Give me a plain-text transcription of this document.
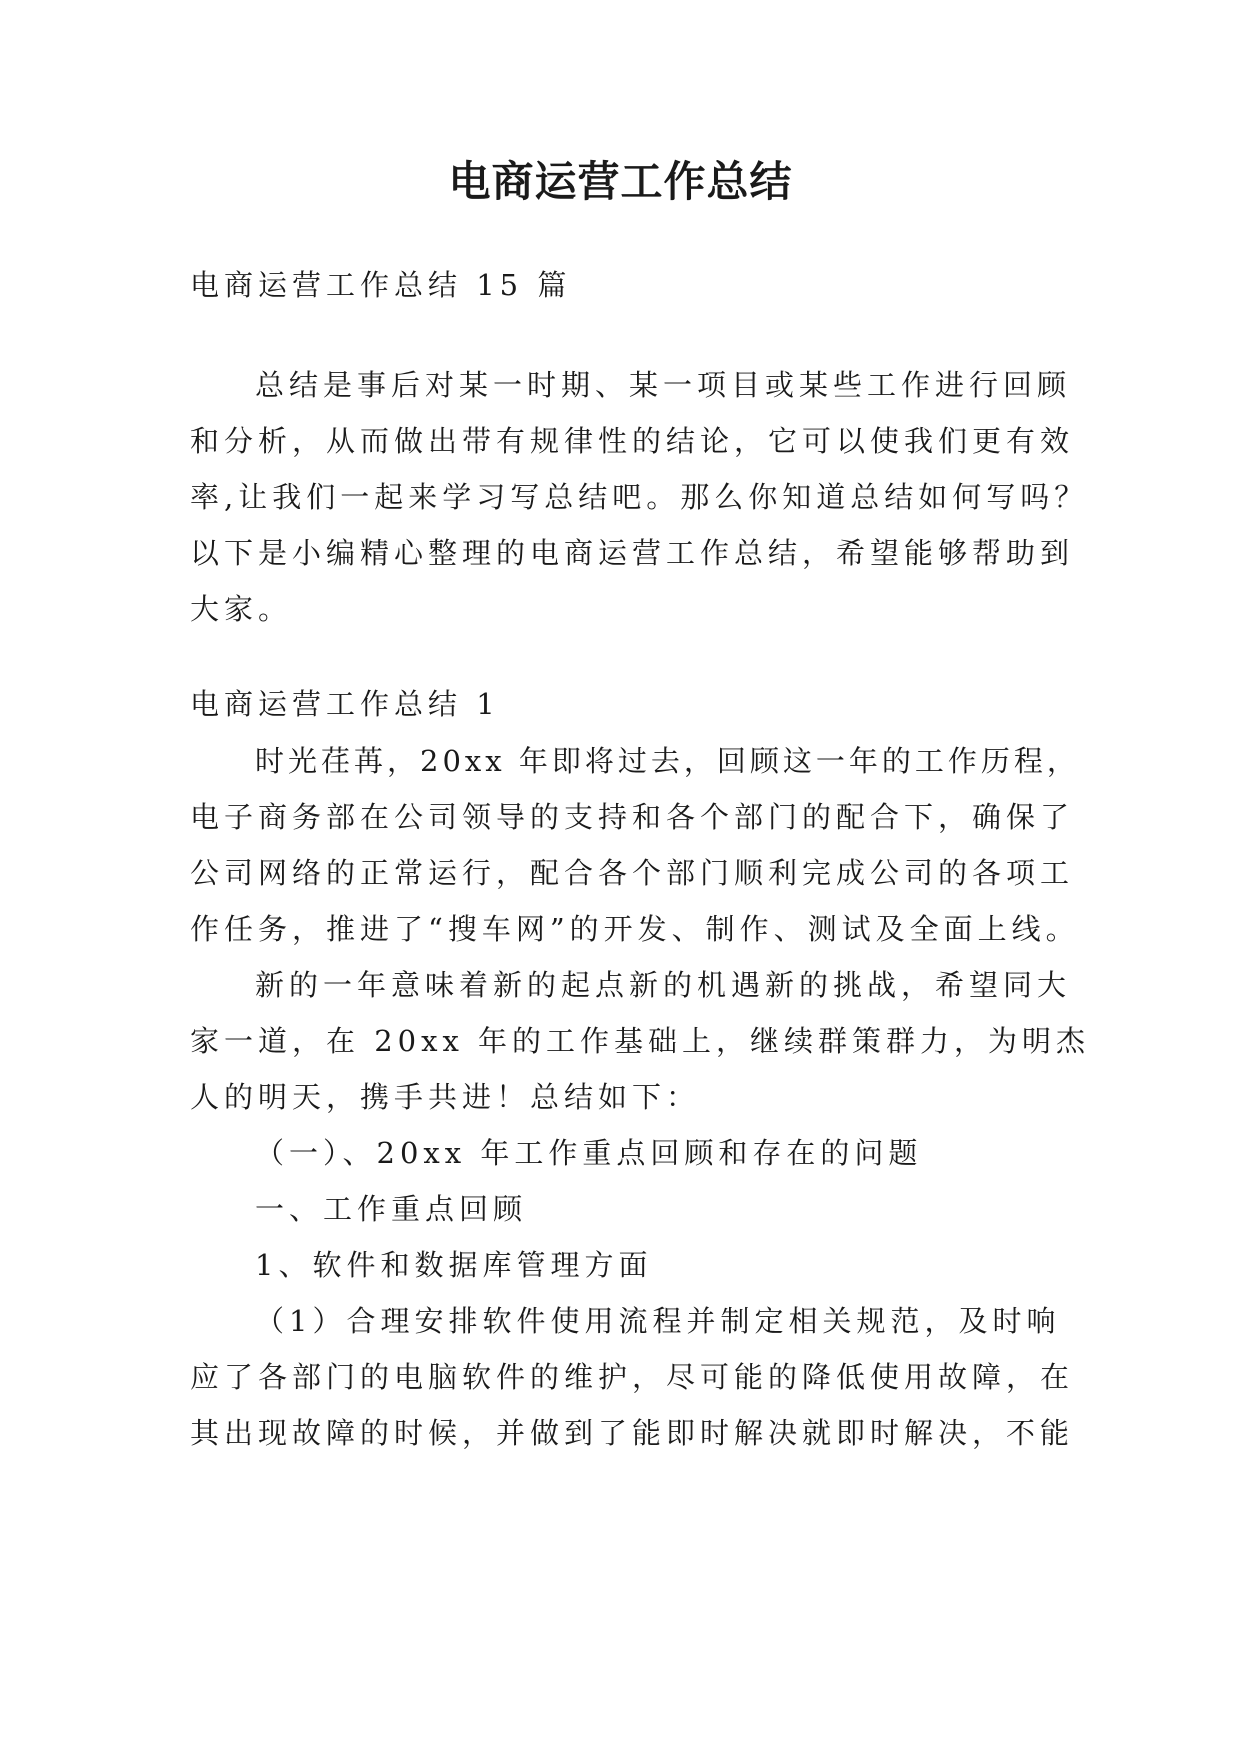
电商运营工作总结
电商运营工作总结 15 篇
总结是事后对某一时期、某一项目或某些工作进行回顾
和分析，从而做出带有规律性的结论，它可以使我们更有效
率,让我们一起来学习写总结吧。那么你知道总结如何写吗？
以下是小编精心整理的电商运营工作总结，希望能够帮助到
大家。
电商运营工作总结 1
时光荏苒，20xx 年即将过去，回顾这一年的工作历程，
电子商务部在公司领导的支持和各个部门的配合下，确保了
公司网络的正常运行，配合各个部门顺利完成公司的各项工
作任务，推进了“搜车网”的开发、制作、测试及全面上线。
新的一年意味着新的起点新的机遇新的挑战，希望同大
家一道，在 20xx 年的工作基础上，继续群策群力，为明杰
人的明天，携手共进！总结如下：
（一）、20xx 年工作重点回顾和存在的问题
一、工作重点回顾
1、软件和数据库管理方面
（1）合理安排软件使用流程并制定相关规范，及时响
应了各部门的电脑软件的维护，尽可能的降低使用故障，在
其出现故障的时候，并做到了能即时解决就即时解决，不能
